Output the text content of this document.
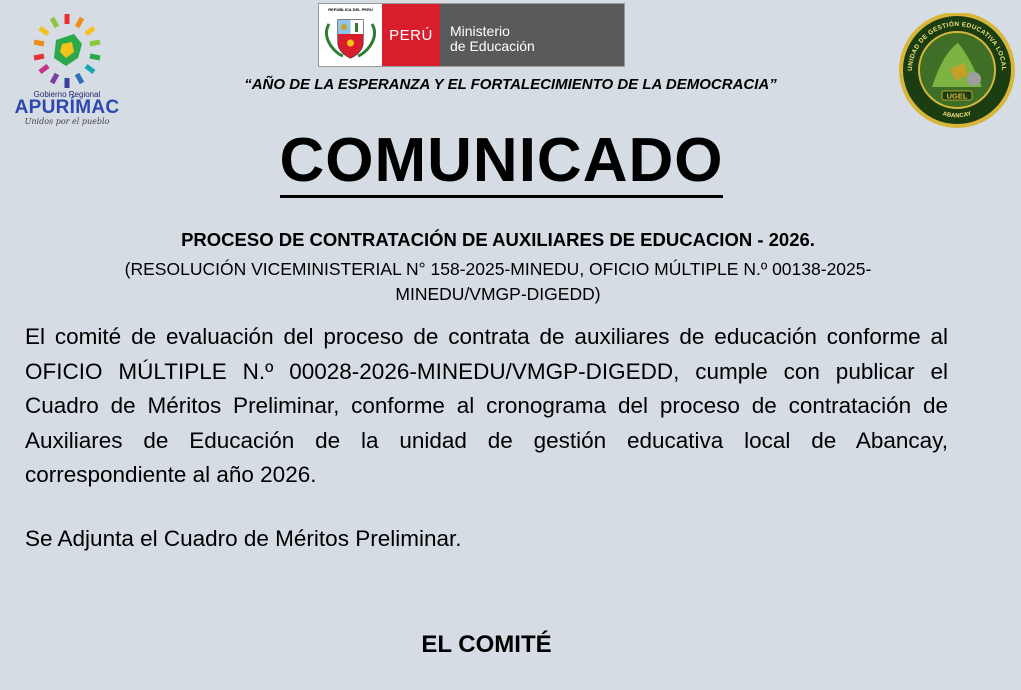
Gobierno Regional
APURÍMAC
Unidos por el pueblo
REPÚBLICA DEL PERÚ
PERÚ	Ministerio
de Educación
“AÑO DE LA ESPERANZA Y EL FORTALECIMIENTO DE LA DEMOCRACIA”
UGEL
UNIDAD DE GESTIÓN EDUCATIVA LOCAL
ABANCAY
COMUNICADO
PROCESO DE CONTRATACIÓN DE AUXILIARES DE EDUCACION - 2026.
(RESOLUCIÓN VICEMINISTERIAL N° 158-2025-MINEDU, OFICIO MÚLTIPLE N.º 00138-2025-MINEDU/VMGP-DIGEDD)
El comité de evaluación del proceso de contrata de auxiliares de educación conforme al OFICIO MÚLTIPLE N.º 00028-2026-MINEDU/VMGP-DIGEDD, cumple con publicar el Cuadro de Méritos Preliminar, conforme al cronograma del proceso de contratación de Auxiliares de Educación de la unidad de gestión educativa local de Abancay, correspondiente al año 2026.
Se Adjunta el Cuadro de Méritos Preliminar.
EL COMITÉ
